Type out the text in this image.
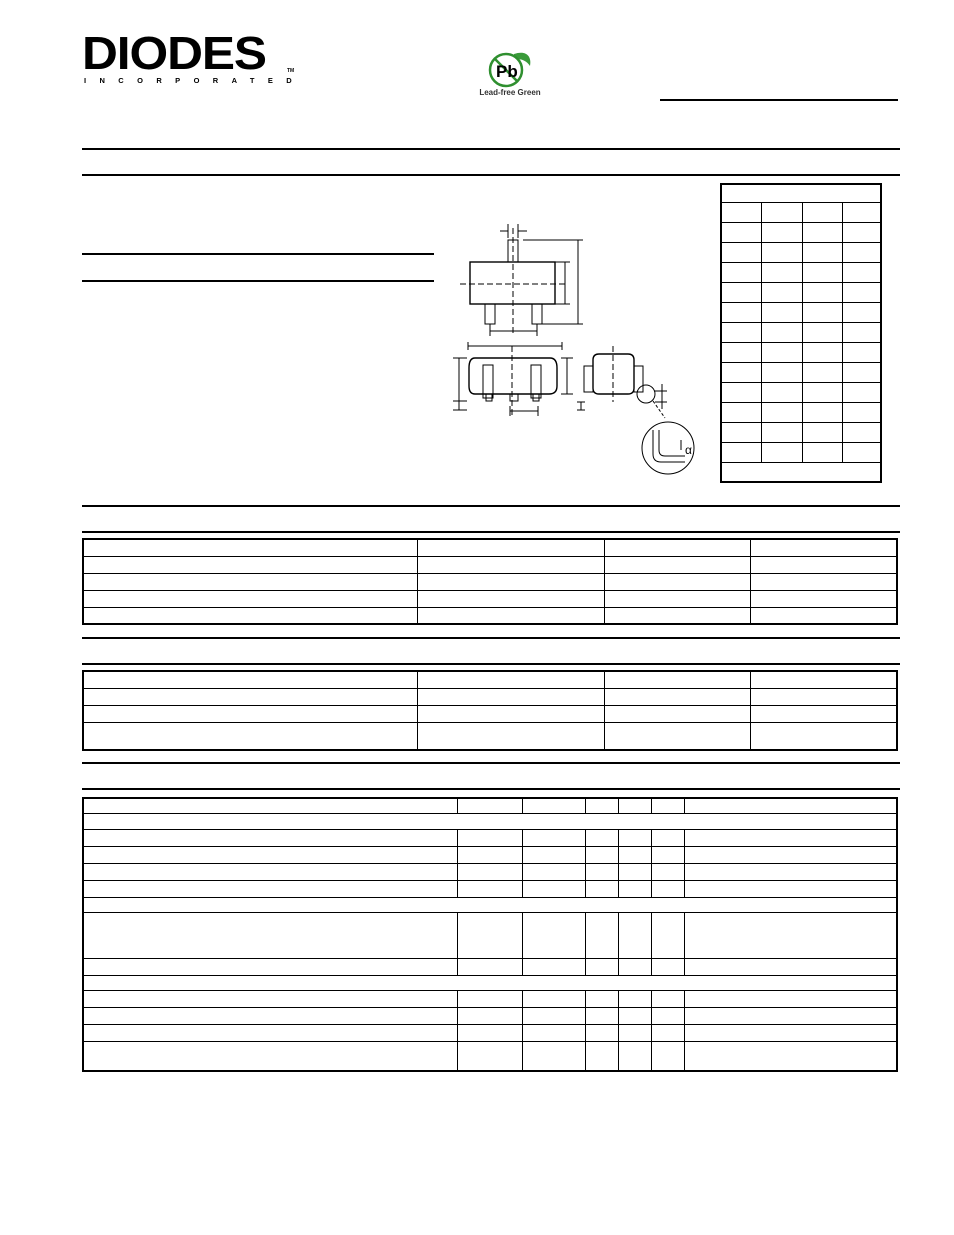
DIODES
INCORPORATED
TM	Pb
Lead-free Green
α
